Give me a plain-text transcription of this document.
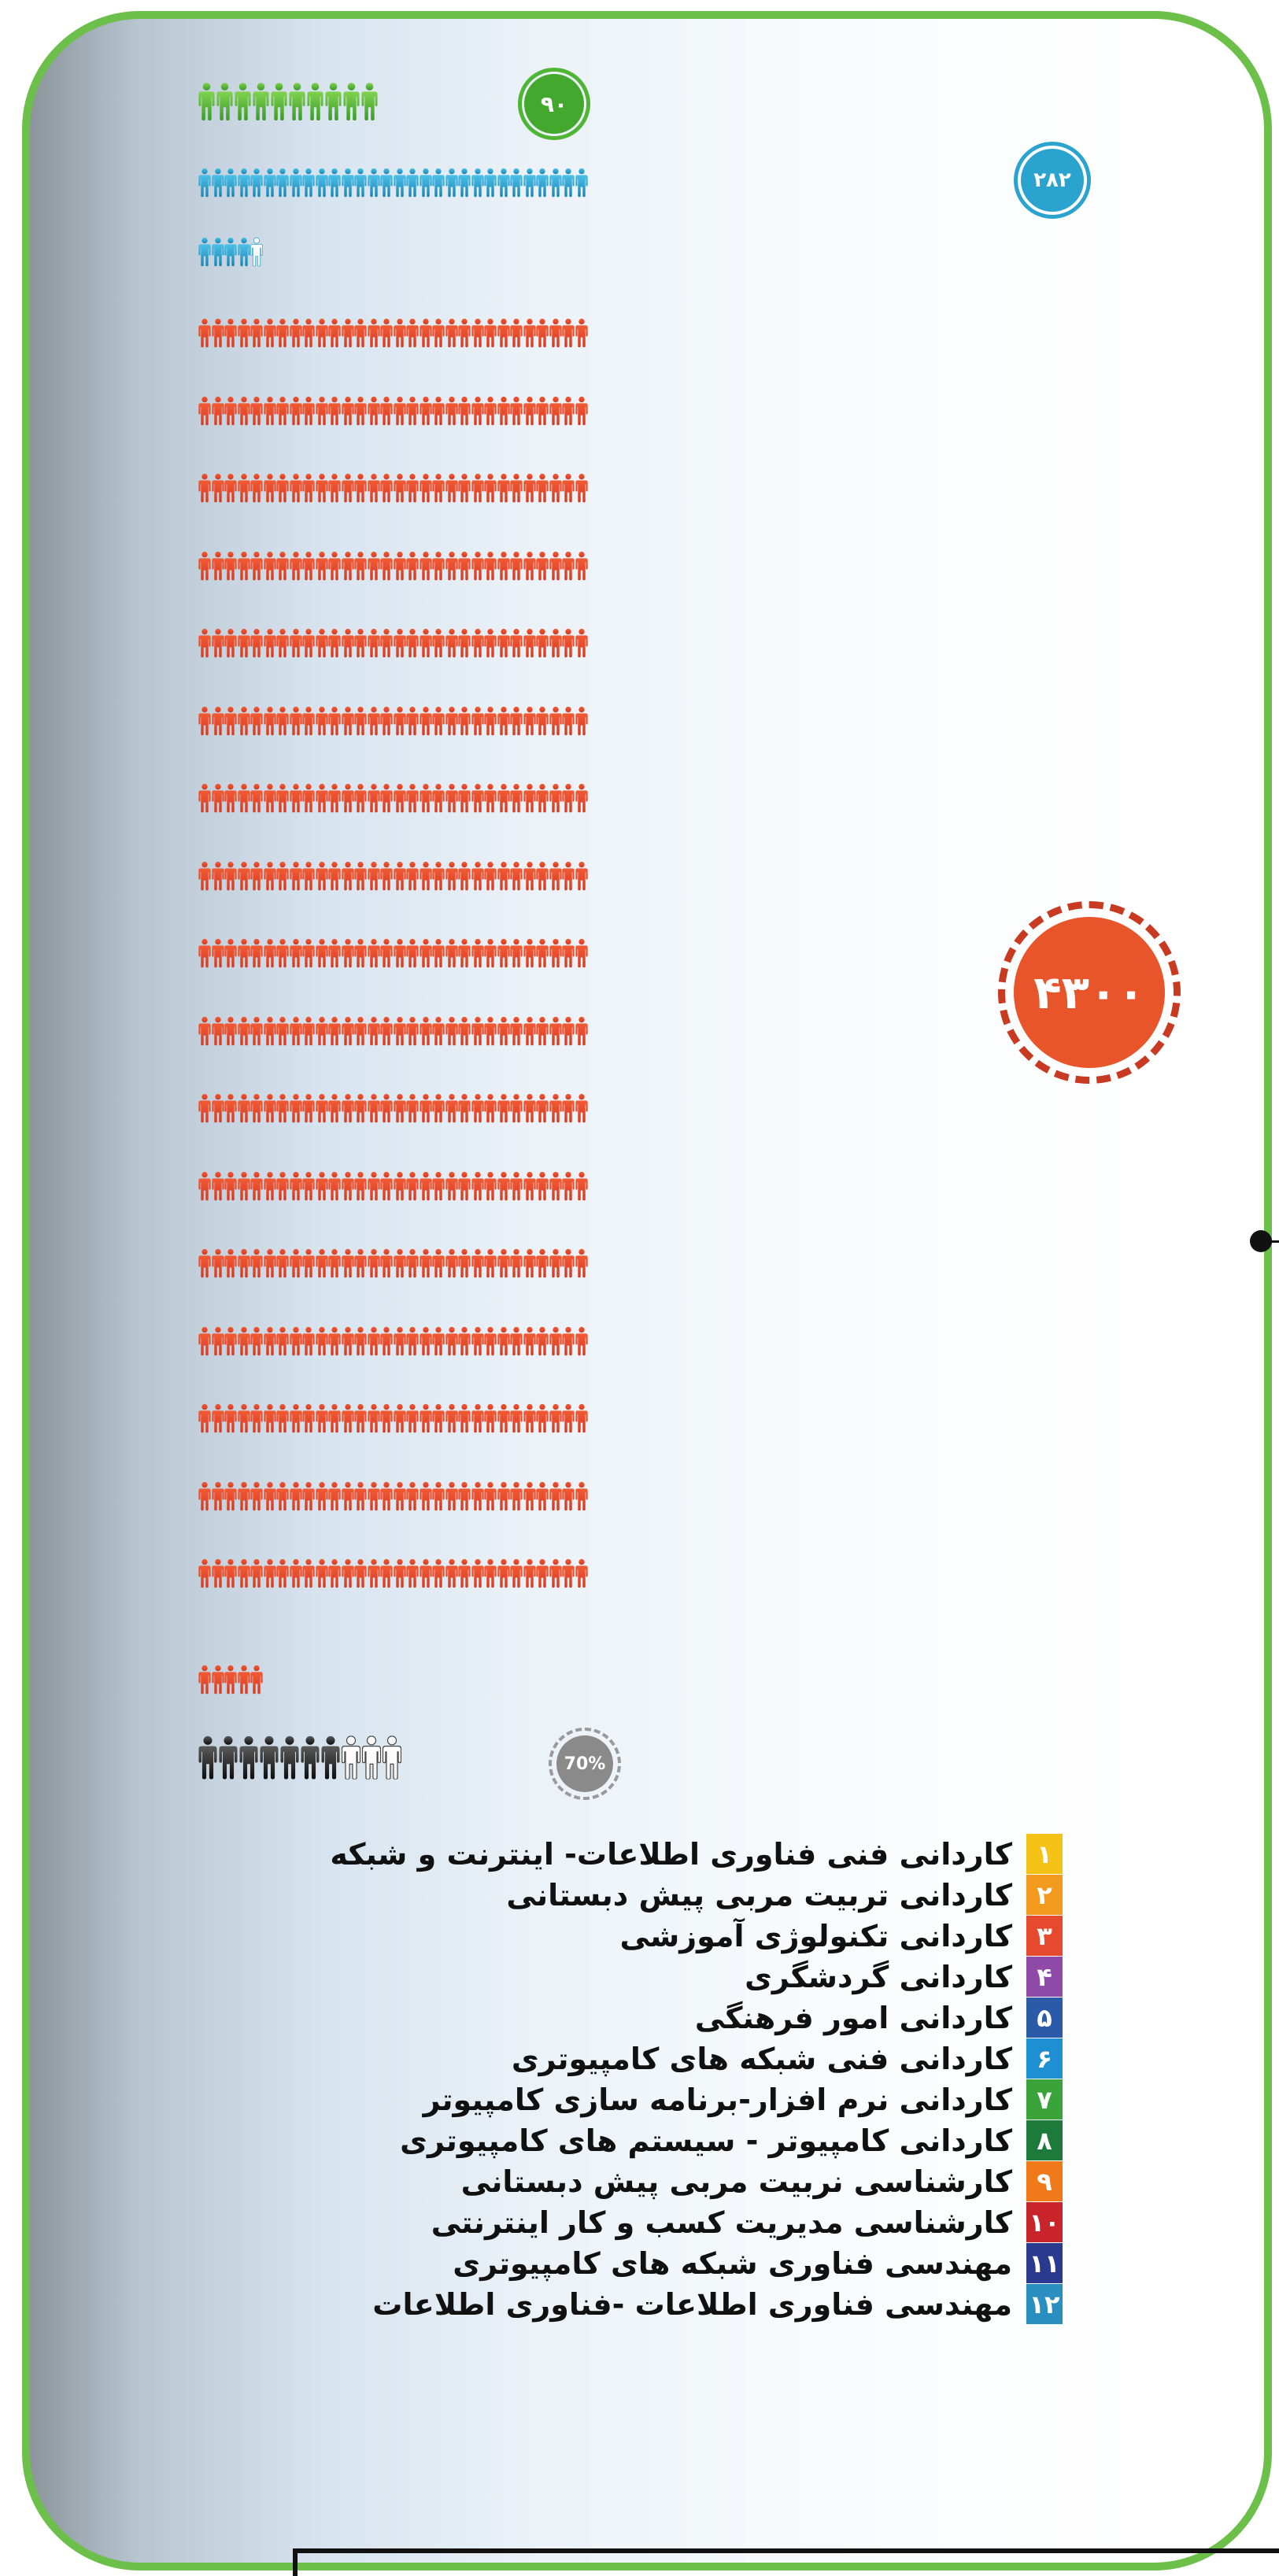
۹۰
۲۸۲
۴۳۰۰
70%
۱
کاردانی فنی فناوری اطلاعات- اینترنت و شبکه
۲
کاردانی تربیت مربی پیش دبستانی
۳
کاردانی تکنولوژی آموزشی
۴
کاردانی گردشگری
۵
کاردانی امور فرهنگی
۶
کاردانی فنی شبکه های کامپیوتری
۷
کاردانی نرم افزار-برنامه سازی کامپیوتر
۸
کاردانی کامپیوتر - سیستم های کامپیوتری
۹
کارشناسی نربیت مربی پیش دبستانی
۱۰
کارشناسی مدیریت کسب و کار اینترنتی
۱۱
مهندسی فناوری شبکه های کامپیوتری
۱۲
مهندسی فناوری اطلاعات -فناوری اطلاعات
